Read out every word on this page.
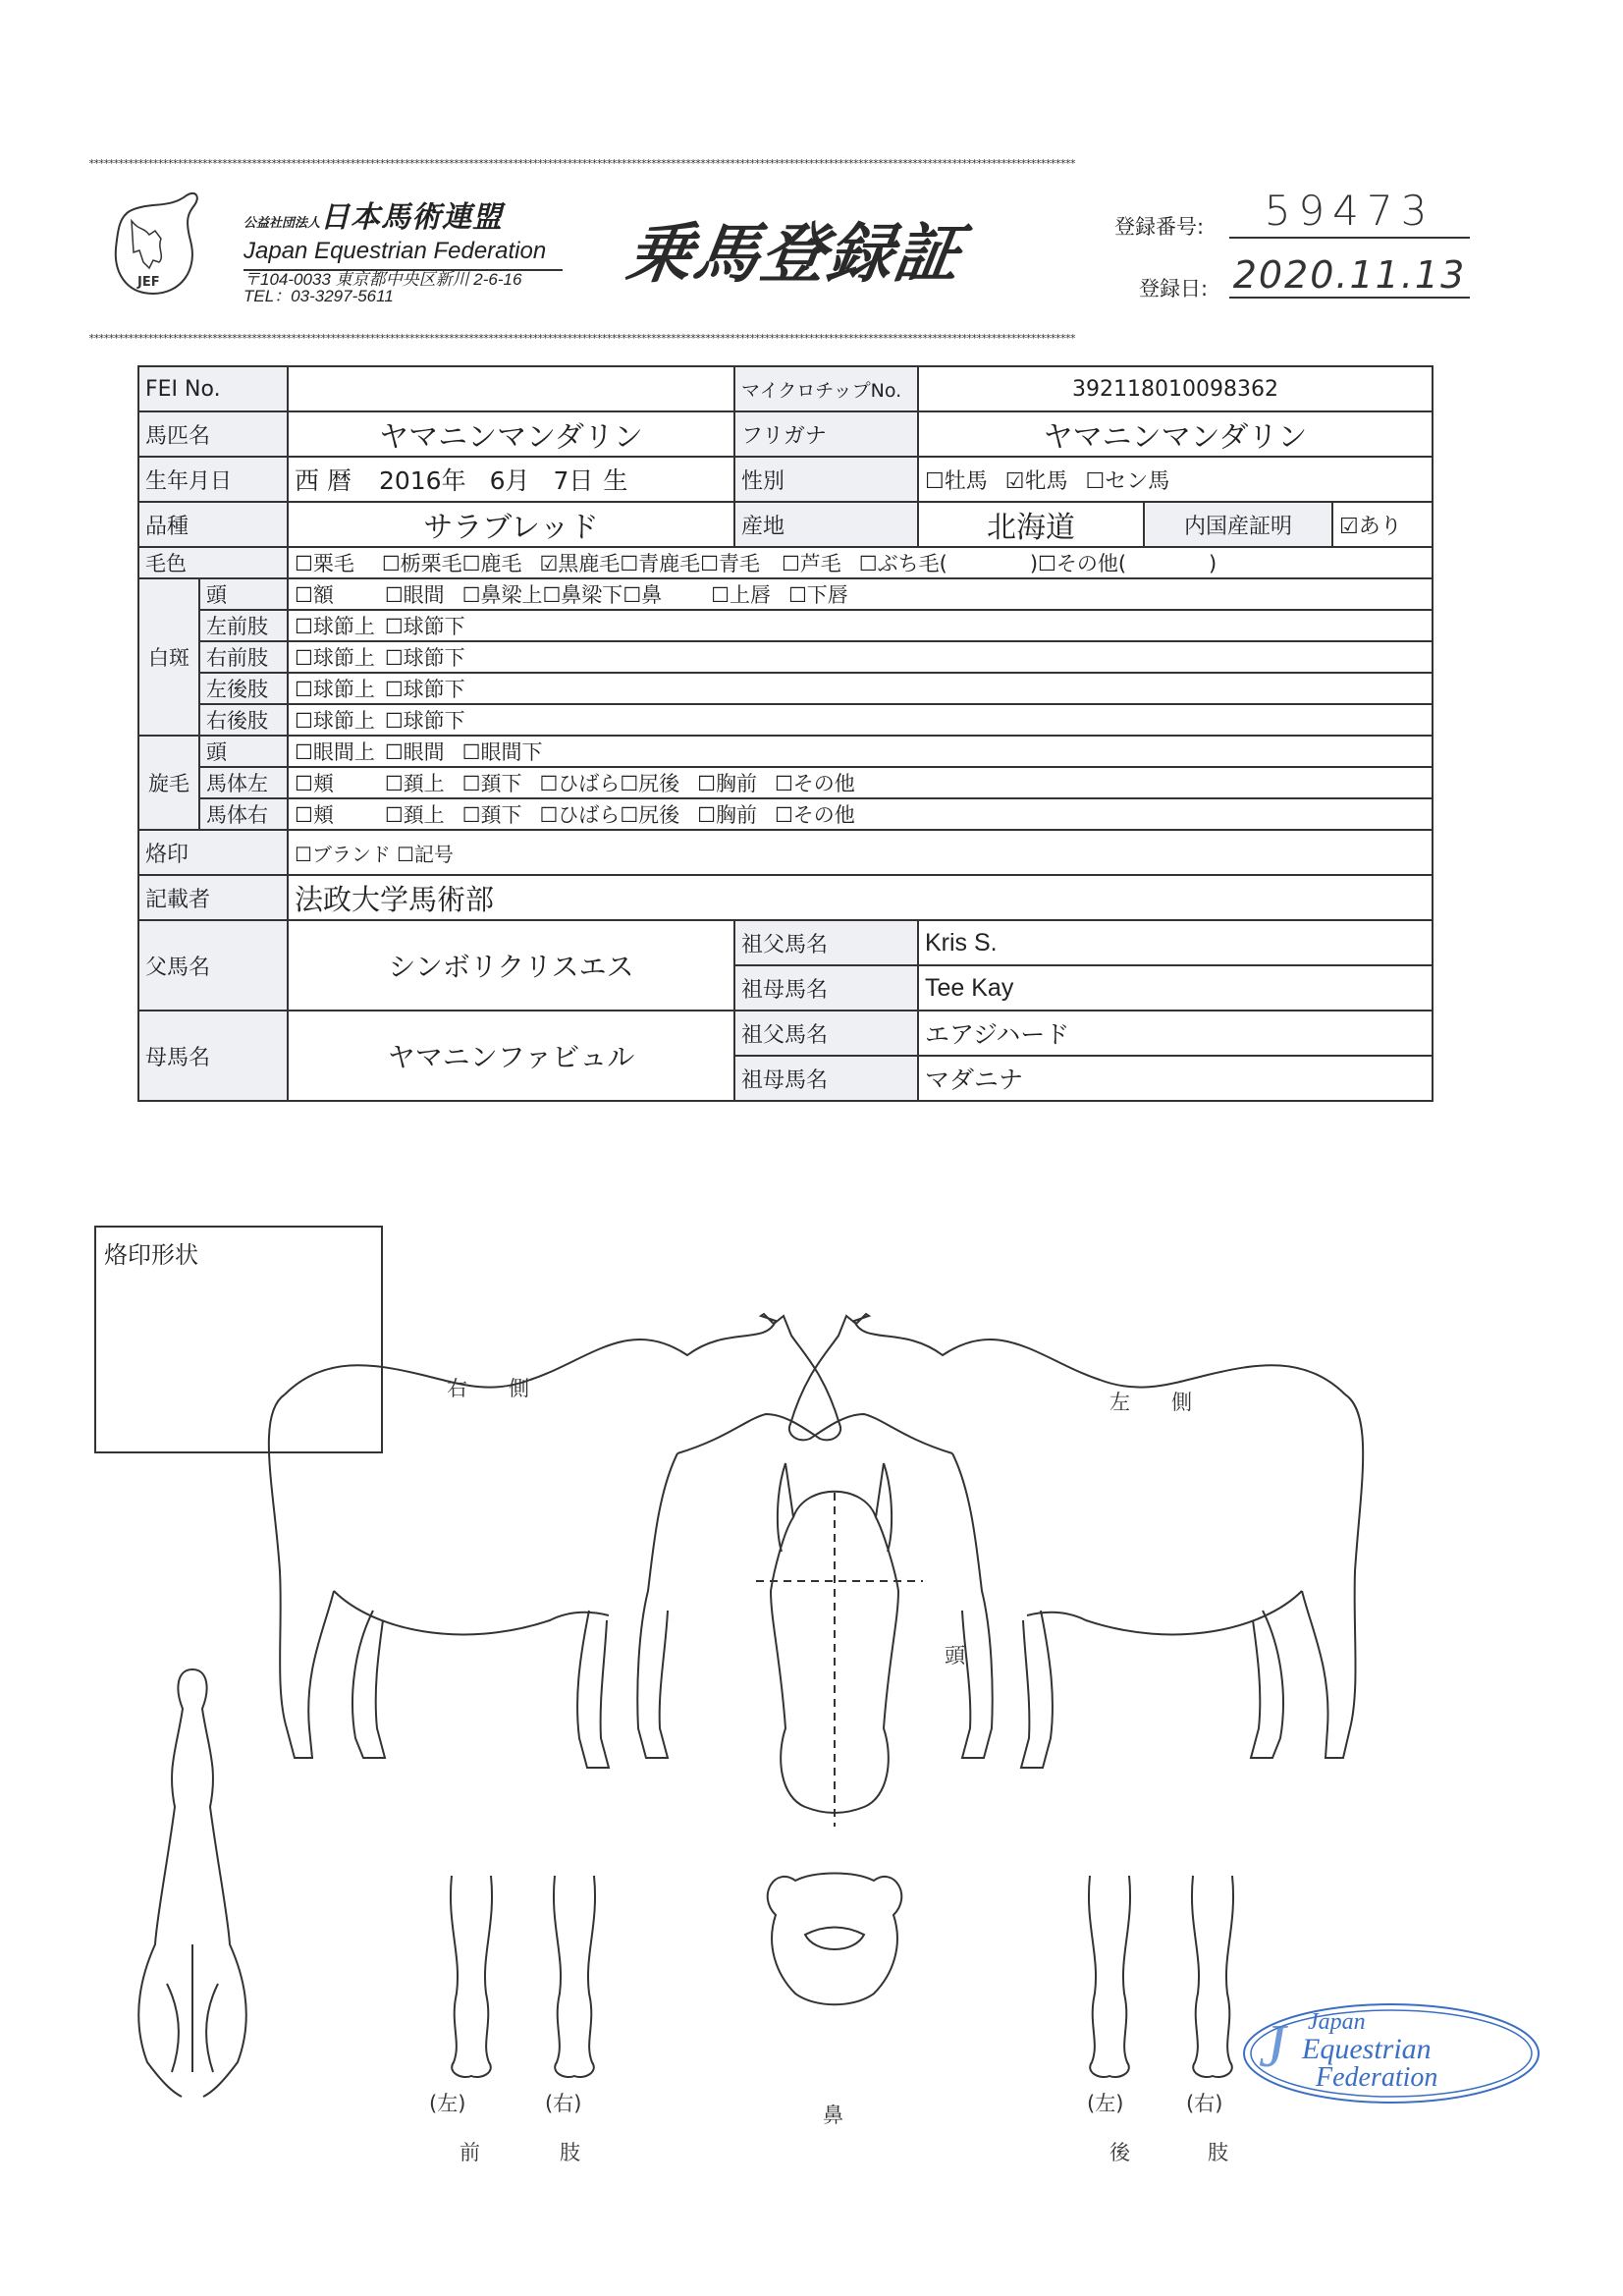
********************************************************************************************************************************************************************************************************
********************************************************************************************************************************************************************************************************
JEF
公益社団法人日本馬術連盟
Japan Equestrian Federation
〒104-0033 東京都中央区新川 2-6-16
TEL：03-3297-5611
乗馬登録証	登録番号:	59473
登録日: 2020.11.13
FEI No.			マイクロチップNo.	392118010098362		
馬匹名		ヤマニンマンダリン	フリガナ	ヤマニンマンダリン		
生年月日		西 暦 2016年 6月 7日 生	性別	☐牡馬 ☑牝馬 ☐セン馬		
品種		サラブレッド	産地	北海道	内国産証明	☑あり
毛色		☐栗毛 ☐栃栗毛☐鹿毛 ☑黒鹿毛☐青鹿毛☐青毛 ☐芦毛 ☐ぶち毛(　　　　)☐その他(　　　　)				
白斑	頭	☐額 ☐眼間 ☐鼻梁上☐鼻梁下☐鼻 ☐上唇 ☐下唇				
	左前肢	☐球節上 ☐球節下				
	右前肢	☐球節上 ☐球節下				
	左後肢	☐球節上 ☐球節下				
	右後肢	☐球節上 ☐球節下				
旋毛	頭	☐眼間上 ☐眼間 ☐眼間下				
	馬体左	☐頬 ☐頚上 ☐頚下 ☐ひばら☐尻後 ☐胸前 ☐その他				
	馬体右	☐頬 ☐頚上 ☐頚下 ☐ひばら☐尻後 ☐胸前 ☐その他				
烙印		☐ブランド ☐記号				
記載者		法政大学馬術部				
父馬名		シンボリクリスエス	祖父馬名	Kris S.		
			祖母馬名	Tee Kay		
母馬名		ヤマニンファビュル	祖父馬名	エアジハード		
			祖母馬名	マダニナ		
烙印形状
右　　側
左　　側
頭
鼻
(左)	(右)
前	肢
(左)	(右)
後	肢
J Japan
Equestrian
Federation
